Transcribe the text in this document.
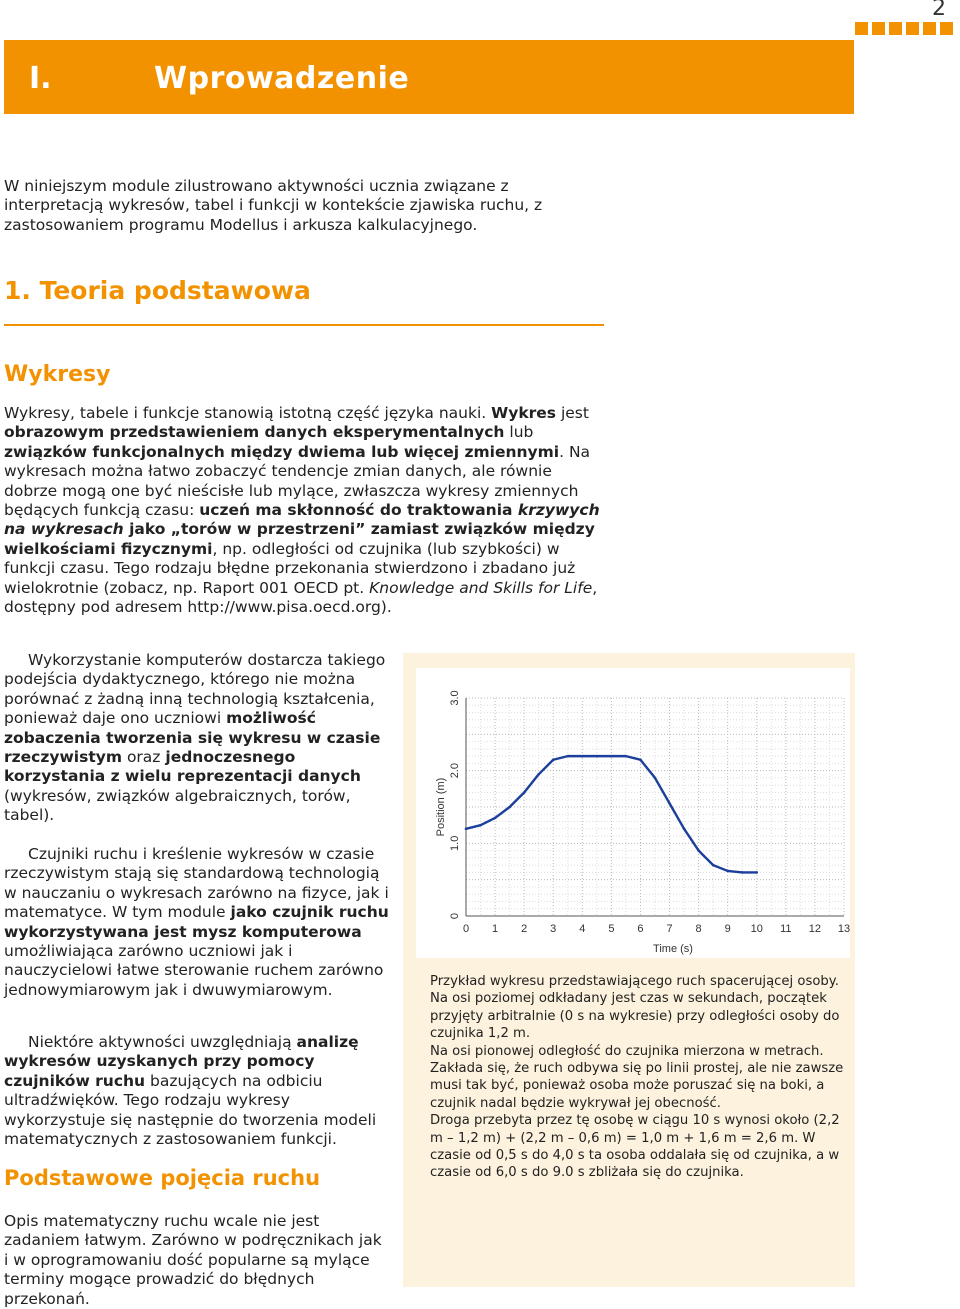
2
I.	Wprowadzenie
W niniejszym module zilustrowano aktywności ucznia związane z interpretacją wykresów, tabel i funkcji w kontekście zjawiska ruchu, z zastosowaniem programu Modellus i arkusza kalkulacyjnego.
1. Teoria podstawowa
Wykresy
Wykresy, tabele i funkcje stanowią istotną część języka nauki. Wykres jest obrazowym przedstawieniem danych eksperymentalnych lub związków funkcjonalnych między dwiema lub więcej zmiennymi. Na wykresach można łatwo zobaczyć tendencje zmian danych, ale równie dobrze mogą one być nieścisłe lub mylące, zwłaszcza wykresy zmiennych będących funkcją czasu: uczeń ma skłonność do traktowania krzywych na wykresach jako „torów w przestrzeni” zamiast związków między wielkościami fizycznymi, np. odległości od czujnika (lub szybkości) w funkcji czasu. Tego rodzaju błędne przekonania stwierdzono i zbadano już wielokrotnie (zobacz, np. Raport 001 OECD pt. Knowledge and Skills for Life, dostępny pod adresem http://www.pisa.oecd.org).
Wykorzystanie komputerów dostarcza takiego podejścia dydaktycznego, którego nie można porównać z żadną inną technologią kształcenia, ponieważ daje ono uczniowi możliwość zobaczenia tworzenia się wykresu w czasie rzeczywistym oraz jednoczesnego korzystania z wielu reprezentacji danych (wykresów, związków algebraicznych, torów, tabel).
Czujniki ruchu i kreślenie wykresów w czasie rzeczywistym stają się standardową technologią w nauczaniu o wykresach zarówno na fizyce, jak i matematyce. W tym module jako czujnik ruchu wykorzystywana jest mysz komputerowa umożliwiająca zarówno uczniowi jak i nauczycielowi łatwe sterowanie ruchem zarówno jednowymiarowym jak i dwuwymiarowym.
Niektóre aktywności uwzględniają analizę wykresów uzyskanych przy pomocy czujników ruchu bazujących na odbiciu ultradźwięków. Tego rodzaju wykresy wykorzystuje się następnie do tworzenia modeli matematycznych z zastosowaniem funkcji.
Podstawowe pojęcia ruchu
Opis matematyczny ruchu wcale nie jest zadaniem łatwym. Zarówno w podręcznikach jak i w oprogramowaniu dość popularne są mylące terminy mogące prowadzić do błędnych przekonań.
0 1 2 3 4 5 6 7 8 9 10 11 12 13
0
1.0
2.0
3.0
Time (s)
Position (m)
Przykład wykresu przedstawiającego ruch spacerującej osoby.
Na osi poziomej odkładany jest czas w sekundach, początek przyjęty arbitralnie (0 s na wykresie) przy odległości osoby do czujnika 1,2 m.
Na osi pionowej odległość do czujnika mierzona w metrach. Zakłada się, że ruch odbywa się po linii prostej, ale nie zawsze musi tak być, ponieważ osoba może poruszać się na boki, a czujnik nadal będzie wykrywał jej obecność.
Droga przebyta przez tę osobę w ciągu 10 s wynosi około (2,2 m – 1,2 m) + (2,2 m – 0,6 m) = 1,0 m + 1,6 m = 2,6 m. W czasie od 0,5 s do 4,0 s ta osoba oddalała się od czujnika, a w czasie od 6,0 s do 9.0 s zbliżała się do czujnika.
